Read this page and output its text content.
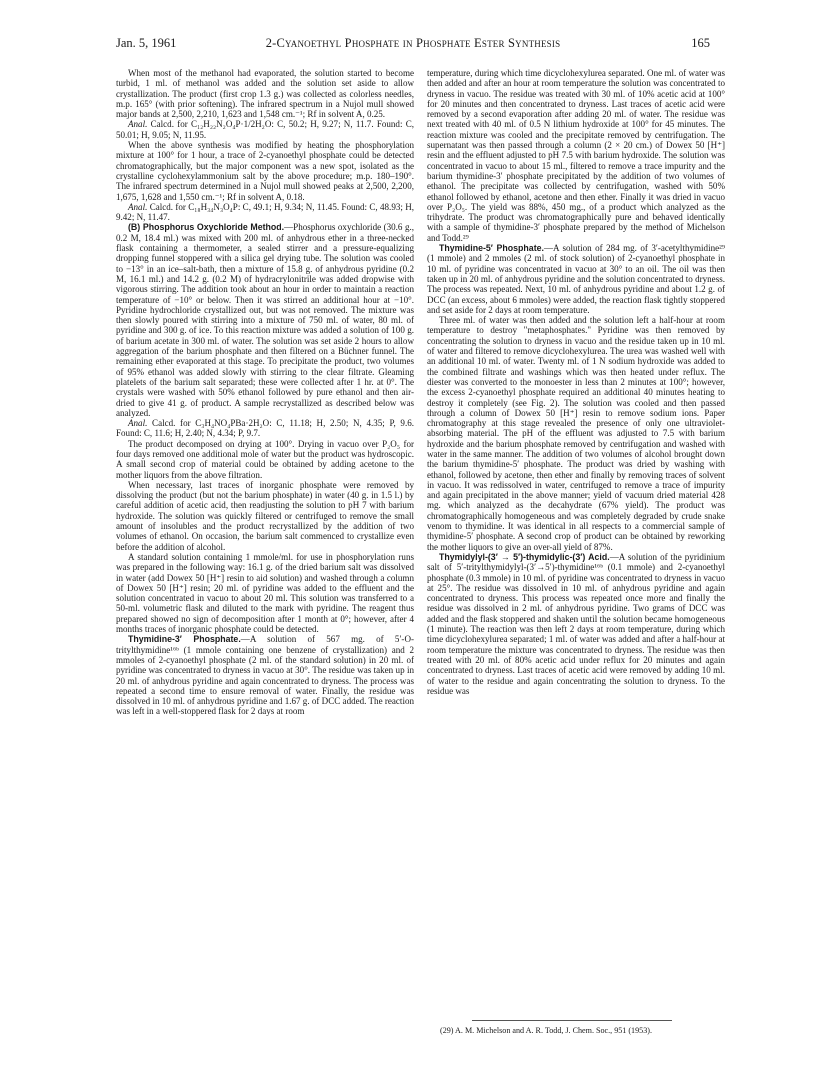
Jan. 5, 1961	2-Cyanoethyl Phosphate in Phosphate Ester Synthesis	165

When most of the methanol had evaporated, the solution started to become turbid, 1 ml. of methanol was added and the solution set aside to allow crystallization. The product (first crop 1.3 g.) was collected as colorless needles, m.p. 165° (with prior softening). The infrared spectrum in a Nujol mull showed major bands at 2,500, 2,210, 1,623 and 1,548 cm.⁻¹; Rf in solvent A, 0.25.

Anal. Calcd. for C₁₂H₂₂N₂O₄P·1/2H₂O: C, 50.2; H, 9.27; N, 11.7. Found: C, 50.01; H, 9.05; N, 11.95.

When the above synthesis was modified by heating the phosphorylation mixture at 100° for 1 hour, a trace of 2-cyanoethyl phosphate could be detected chromatographically, but the major component was a new spot, isolated as the crystalline cyclohexylammonium salt by the above procedure; m.p. 180–190°. The infrared spectrum determined in a Nujol mull showed peaks at 2,500, 2,200, 1,675, 1,628 and 1,550 cm.⁻¹; Rf in solvent A, 0.18.

Anal. Calcd. for C₁₈H₃₄N₃O₄P: C, 49.1; H, 9.34; N, 11.45. Found: C, 48.93; H, 9.42; N, 11.47.

(B) Phosphorus Oxychloride Method.—Phosphorus oxychloride (30.6 g., 0.2 M, 18.4 ml.) was mixed with 200 ml. of anhydrous ether in a three-necked flask containing a thermometer, a sealed stirrer and a pressure-equalizing dropping funnel stoppered with a silica gel drying tube. The solution was cooled to −13° in an ice–salt-bath, then a mixture of 15.8 g. of anhydrous pyridine (0.2 M, 16.1 ml.) and 14.2 g. (0.2 M) of hydracrylonitrile was added dropwise with vigorous stirring. The addition took about an hour in order to maintain a reaction temperature of −10° or below. Then it was stirred an additional hour at −10°. Pyridine hydrochloride crystallized out, but was not removed. The mixture was then slowly poured with stirring into a mixture of 750 ml. of water, 80 ml. of pyridine and 300 g. of ice. To this reaction mixture was added a solution of 100 g. of barium acetate in 300 ml. of water. The solution was set aside 2 hours to allow aggregation of the barium phosphate and then filtered on a Büchner funnel. The remaining ether evaporated at this stage. To precipitate the product, two volumes of 95% ethanol was added slowly with stirring to the clear filtrate. Gleaming platelets of the barium salt separated; these were collected after 1 hr. at 0°. The crystals were washed with 50% ethanol followed by pure ethanol and then air-dried to give 41 g. of product. A sample recrystallized as described below was analyzed.

Anal. Calcd. for C₃H₄NO₄PBa·2H₂O: C, 11.18; H, 2.50; N, 4.35; P, 9.6. Found: C, 11.6; H, 2.40; N, 4.34; P, 9.7.

The product decomposed on drying at 100°. Drying in vacuo over P₂O₅ for four days removed one additional mole of water but the product was hydroscopic. A small second crop of material could be obtained by adding acetone to the mother liquors from the above filtration.

When necessary, last traces of inorganic phosphate were removed by dissolving the product (but not the barium phosphate) in water (40 g. in 1.5 l.) by careful addition of acetic acid, then readjusting the solution to pH 7 with barium hydroxide. The solution was quickly filtered or centrifuged to remove the small amount of insolubles and the product recrystallized by the addition of two volumes of ethanol. On occasion, the barium salt commenced to crystallize even before the addition of alcohol.

A standard solution containing 1 mmole/ml. for use in phosphorylation runs was prepared in the following way: 16.1 g. of the dried barium salt was dissolved in water (add Dowex 50 [H⁺] resin to aid solution) and washed through a column of Dowex 50 [H⁺] resin; 20 ml. of pyridine was added to the effluent and the solution concentrated in vacuo to about 20 ml. This solution was transferred to a 50-ml. volumetric flask and diluted to the mark with pyridine. The reagent thus prepared showed no sign of decomposition after 1 month at 0°; however, after 4 months traces of inorganic phosphate could be detected.

Thymidine-3′ Phosphate.—A solution of 567 mg. of 5′-O-tritylthymidine¹⁶ᵇ (1 mmole containing one benzene of crystallization) and 2 mmoles of 2-cyanoethyl phosphate (2 ml. of the standard solution) in 20 ml. of pyridine was concentrated to dryness in vacuo at 30°. The residue was taken up in 20 ml. of anhydrous pyridine and again concentrated to dryness. The process was repeated a second time to ensure removal of water. Finally, the residue was dissolved in 10 ml. of anhydrous pyridine and 1.67 g. of DCC added. The reaction was left in a well-stoppered flask for 2 days at room

temperature, during which time dicyclohexylurea separated. One ml. of water was then added and after an hour at room temperature the solution was concentrated to dryness in vacuo. The residue was treated with 30 ml. of 10% acetic acid at 100° for 20 minutes and then concentrated to dryness. Last traces of acetic acid were removed by a second evaporation after adding 20 ml. of water. The residue was next treated with 40 ml. of 0.5 N lithium hydroxide at 100° for 45 minutes. The reaction mixture was cooled and the precipitate removed by centrifugation. The supernatant was then passed through a column (2 × 20 cm.) of Dowex 50 [H⁺] resin and the effluent adjusted to pH 7.5 with barium hydroxide. The solution was concentrated in vacuo to about 15 ml., filtered to remove a trace impurity and the barium thymidine-3′ phosphate precipitated by the addition of two volumes of ethanol. The precipitate was collected by centrifugation, washed with 50% ethanol followed by ethanol, acetone and then ether. Finally it was dried in vacuo over P₂O₅. The yield was 88%, 450 mg., of a product which analyzed as the trihydrate. The product was chromatographically pure and behaved identically with a sample of thymidine-3′ phosphate prepared by the method of Michelson and Todd.²⁹

Thymidine-5′ Phosphate.—A solution of 284 mg. of 3′-acetylthymidine²⁹ (1 mmole) and 2 mmoles (2 ml. of stock solution) of 2-cyanoethyl phosphate in 10 ml. of pyridine was concentrated in vacuo at 30° to an oil. The oil was then taken up in 20 ml. of anhydrous pyridine and the solution concentrated to dryness. The process was repeated. Next, 10 ml. of anhydrous pyridine and about 1.2 g. of DCC (an excess, about 6 mmoles) were added, the reaction flask tightly stoppered and set aside for 2 days at room temperature.

Three ml. of water was then added and the solution left a half-hour at room temperature to destroy "metaphosphates." Pyridine was then removed by concentrating the solution to dryness in vacuo and the residue taken up in 10 ml. of water and filtered to remove dicyclohexylurea. The urea was washed well with an additional 10 ml. of water. Twenty ml. of 1 N sodium hydroxide was added to the combined filtrate and washings which was then heated under reflux. The diester was converted to the monoester in less than 2 minutes at 100°; however, the excess 2-cyanoethyl phosphate required an additional 40 minutes heating to destroy it completely (see Fig. 2). The solution was cooled and then passed through a column of Dowex 50 [H⁺] resin to remove sodium ions. Paper chromatography at this stage revealed the presence of only one ultraviolet-absorbing material. The pH of the effluent was adjusted to 7.5 with barium hydroxide and the barium phosphate removed by centrifugation and washed with water in the same manner. The addition of two volumes of alcohol brought down the barium thymidine-5′ phosphate. The product was dried by washing with ethanol, followed by acetone, then ether and finally by removing traces of solvent in vacuo. It was redissolved in water, centrifuged to remove a trace of impurity and again precipitated in the above manner; yield of vacuum dried material 428 mg. which analyzed as the decahydrate (67% yield). The product was chromatographically homogeneous and was completely degraded by crude snake venom to thymidine. It was identical in all respects to a commercial sample of thymidine-5′ phosphate. A second crop of product can be obtained by reworking the mother liquors to give an over-all yield of 87%.

Thymidylyl-(3′ → 5′)-thymidylic-(3′) Acid.—A solution of the pyridinium salt of 5′-tritylthymidylyl-(3′→5′)-thymidine¹⁶ᵇ (0.1 mmole) and 2-cyanoethyl phosphate (0.3 mmole) in 10 ml. of pyridine was concentrated to dryness in vacuo at 25°. The residue was dissolved in 10 ml. of anhydrous pyridine and again concentrated to dryness. This process was repeated once more and finally the residue was dissolved in 2 ml. of anhydrous pyridine. Two grams of DCC was added and the flask stoppered and shaken until the solution became homogeneous (1 minute). The reaction was then left 2 days at room temperature, during which time dicyclohexylurea separated; 1 ml. of water was added and after a half-hour at room temperature the mixture was concentrated to dryness. The residue was then treated with 20 ml. of 80% acetic acid under reflux for 20 minutes and again concentrated to dryness. Last traces of acetic acid were removed by adding 10 ml. of water to the residue and again concentrating the solution to dryness. To the residue was

(29) A. M. Michelson and A. R. Todd, J. Chem. Soc., 951 (1953).
